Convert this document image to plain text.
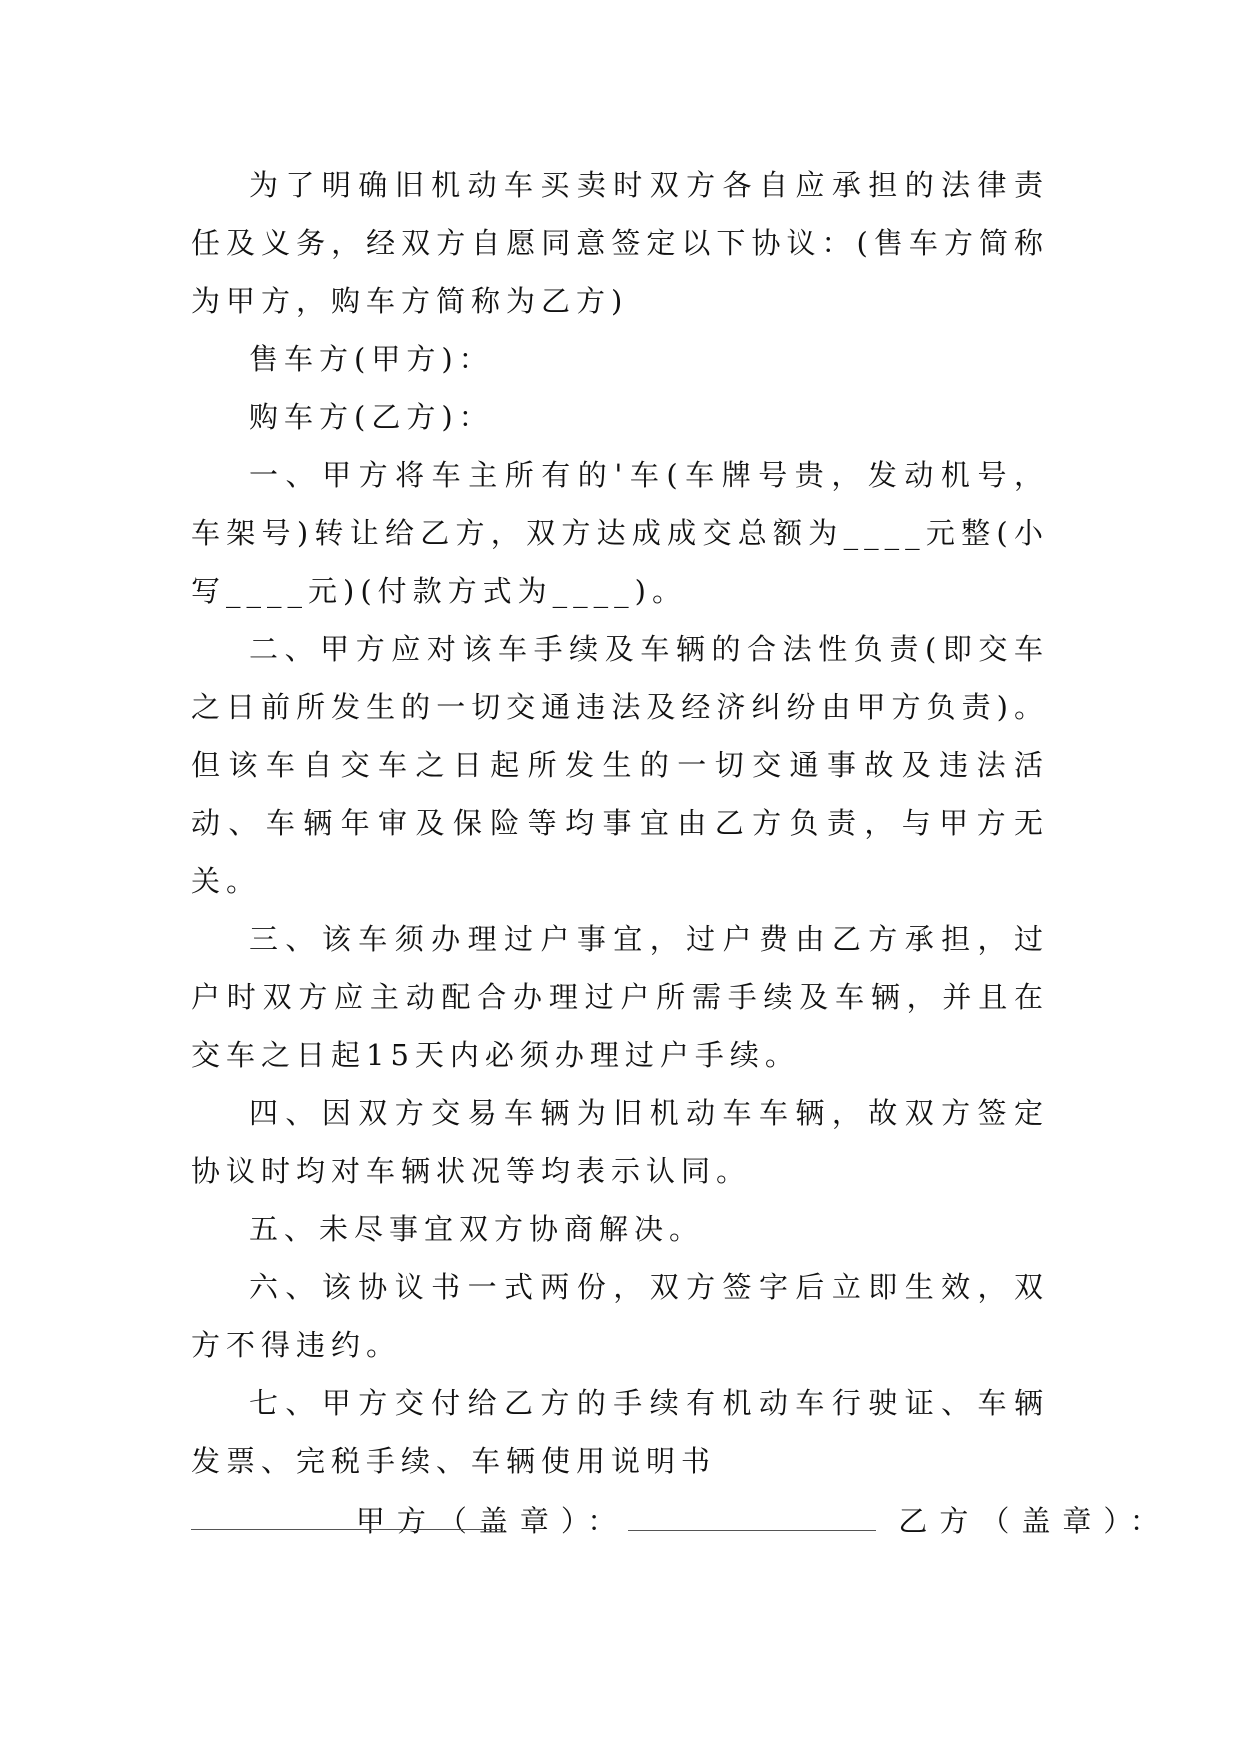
为了明确旧机动车买卖时双方各自应承担的法律责任及义务，经双方自愿同意签定以下协议：(售车方简称为甲方，购车方简称为乙方)

售车方(甲方)：

购车方(乙方)：

一、甲方将车主所有的'车(车牌号贵，发动机号，车架号)转让给乙方，双方达成成交总额为____元整(小写____元)(付款方式为____)。

二、甲方应对该车手续及车辆的合法性负责(即交车之日前所发生的一切交通违法及经济纠纷由甲方负责)。但该车自交车之日起所发生的一切交通事故及违法活动、车辆年审及保险等均事宜由乙方负责，与甲方无关。

三、该车须办理过户事宜，过户费由乙方承担，过户时双方应主动配合办理过户所需手续及车辆，并且在交车之日起15天内必须办理过户手续。

四、因双方交易车辆为旧机动车车辆，故双方签定协议时均对车辆状况等均表示认同。

五、未尽事宜双方协商解决。

六、该协议书一式两份，双方签字后立即生效，双方不得违约。

七、甲方交付给乙方的手续有机动车行驶证、车辆发票、完税手续、车辆使用说明书

甲方（盖章）：	乙方（盖章）：
